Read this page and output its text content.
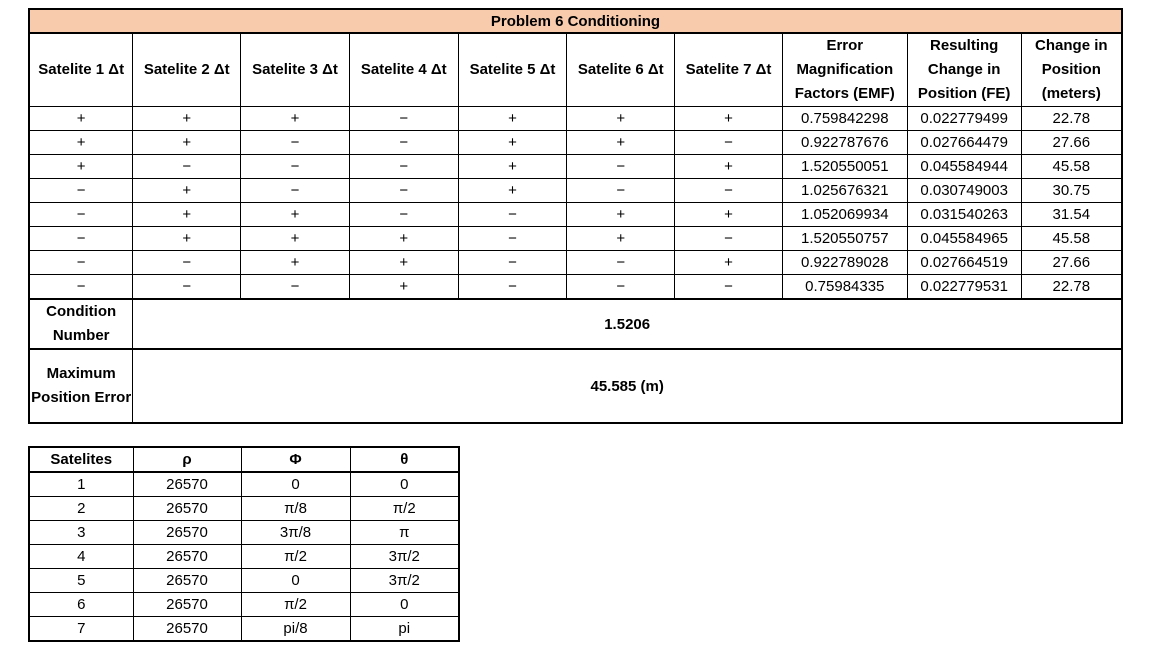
Problem 6 Conditioning									
Satelite 1 Δt	Satelite 2 Δt	Satelite 3 Δt	Satelite 4 Δt	Satelite 5 Δt	Satelite 6 Δt	Satelite 7 Δt	Error Magnification Factors (EMF)	Resulting Change in Position (FE)	Change in Position (meters)
+	+	+	−	+	+	+	0.759842298	0.022779499	22.78
+	+	−	−	+	+	−	0.922787676	0.027664479	27.66
+	−	−	−	+	−	+	1.520550051	0.045584944	45.58
−	+	−	−	+	−	−	1.025676321	0.030749003	30.75
−	+	+	−	−	+	+	1.052069934	0.031540263	31.54
−	+	+	+	−	+	−	1.520550757	0.045584965	45.58
−	−	+	+	−	−	+	0.922789028	0.027664519	27.66
−	−	−	+	−	−	−	0.75984335	0.022779531	22.78
Condition Number	1.5206								
Maximum Position Error	45.585 (m)								
Satelites	ρ	Φ	θ
1	26570	0	0
2	26570	π/8	π/2
3	26570	3π/8	π
4	26570	π/2	3π/2
5	26570	0	3π/2
6	26570	π/2	0
7	26570	pi/8	pi
